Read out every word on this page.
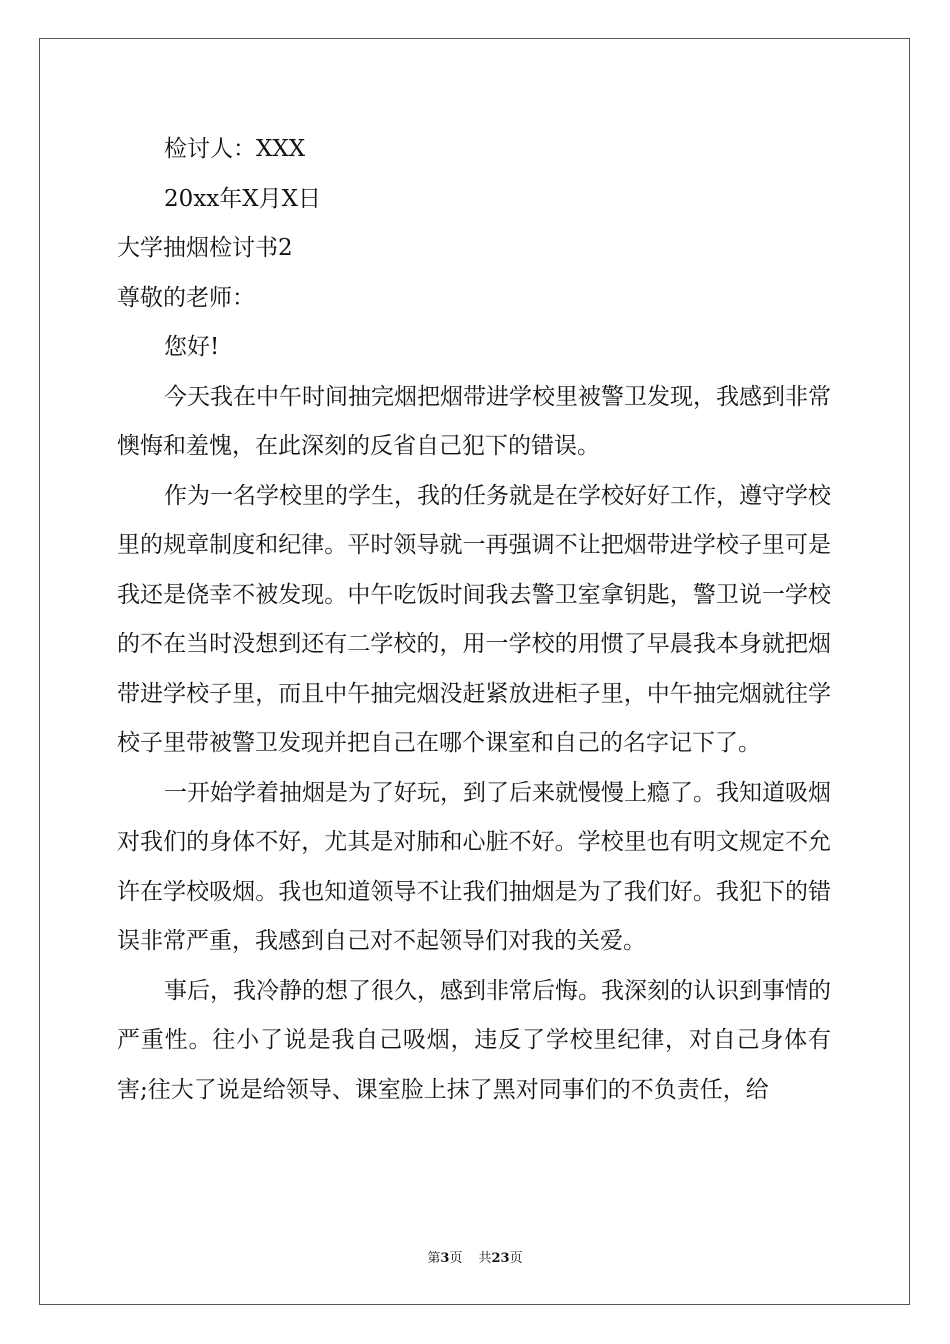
检讨人：XXX
20xx年X月X日
大学抽烟检讨书2
尊敬的老师：
您好!

今天我在中午时间抽完烟把烟带进学校里被警卫发现，我感到非常懊悔和羞愧，在此深刻的反省自己犯下的错误。

作为一名学校里的学生，我的任务就是在学校好好工作，遵守学校里的规章制度和纪律。平时领导就一再强调不让把烟带进学校子里可是我还是侥幸不被发现。中午吃饭时间我去警卫室拿钥匙，警卫说一学校的不在当时没想到还有二学校的，用一学校的用惯了早晨我本身就把烟带进学校子里，而且中午抽完烟没赶紧放进柜子里，中午抽完烟就往学校子里带被警卫发现并把自己在哪个课室和自己的名字记下了。

一开始学着抽烟是为了好玩，到了后来就慢慢上瘾了。我知道吸烟对我们的身体不好，尤其是对肺和心脏不好。学校里也有明文规定不允许在学校吸烟。我也知道领导不让我们抽烟是为了我们好。我犯下的错误非常严重，我感到自己对不起领导们对我的关爱。

事后，我冷静的想了很久，感到非常后悔。我深刻的认识到事情的严重性。往小了说是我自己吸烟，违反了学校里纪律，对自己身体有害;往大了说是给领导、课室脸上抹了黑对同事们的不负责任，给

第3页 共23页
